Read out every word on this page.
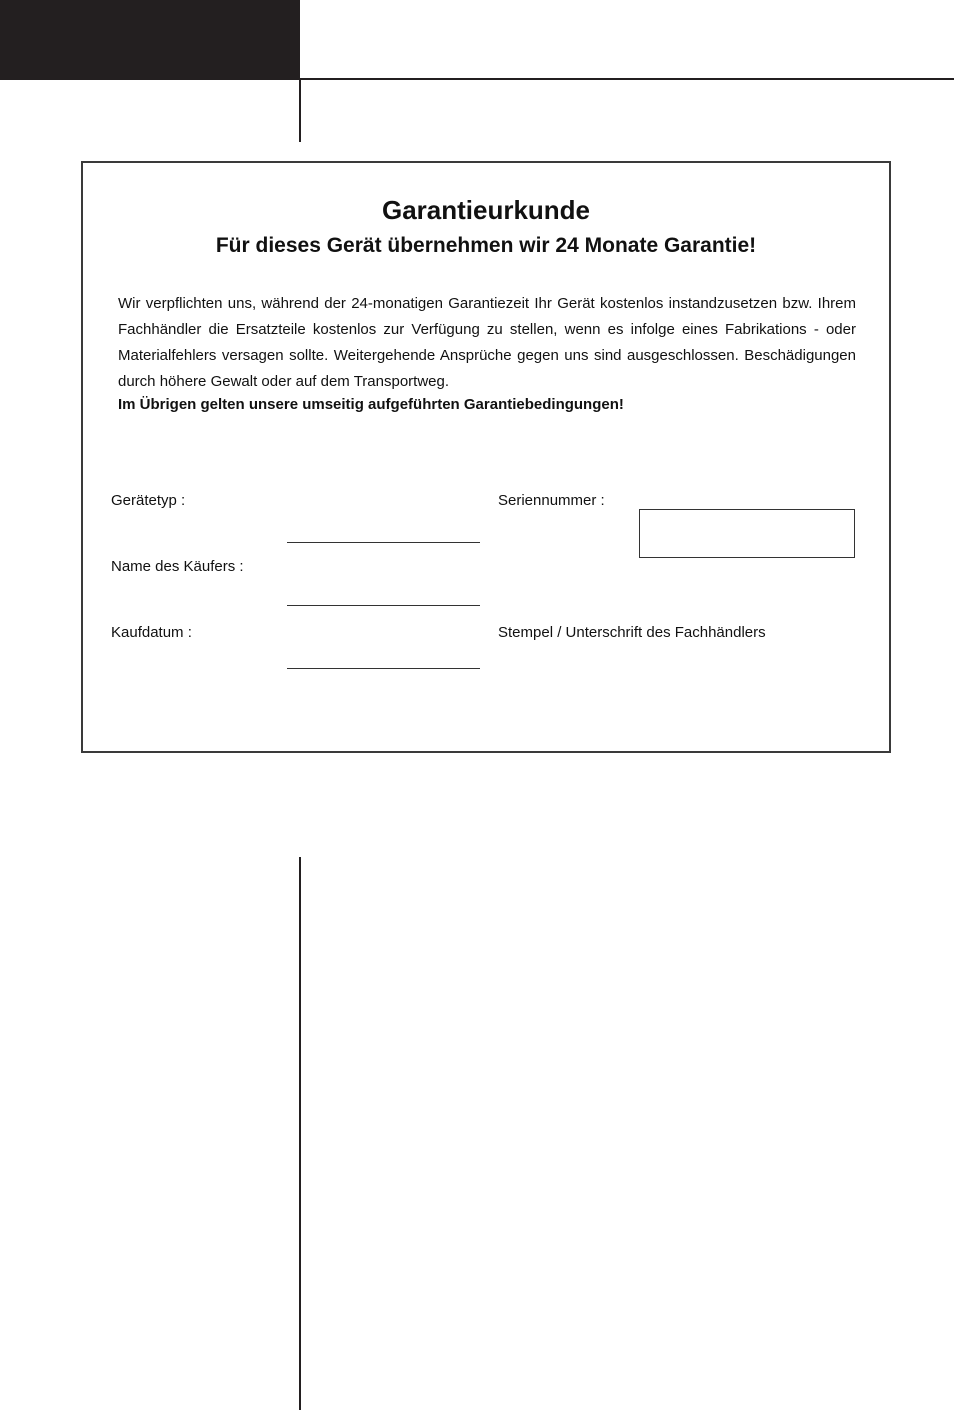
Garantieurkunde
Für dieses Gerät übernehmen wir 24 Monate Garantie!

Wir verpflichten uns, während der 24-monatigen Garantiezeit Ihr Gerät kostenlos instandzusetzen bzw. Ihrem Fachhändler die Ersatzteile kostenlos zur Verfügung zu stellen, wenn es infolge eines Fabrikations - oder Materialfehlers versagen sollte. Weitergehende Ansprüche gegen uns sind ausgeschlossen. Beschädigungen durch höhere Gewalt oder auf dem Transportweg.

Im Übrigen gelten unsere umseitig aufgeführten Garantiebedingungen!

Gerätetyp :	Seriennummer :
Name des Käufers :
Kaufdatum :	Stempel / Unterschrift des Fachhändlers
